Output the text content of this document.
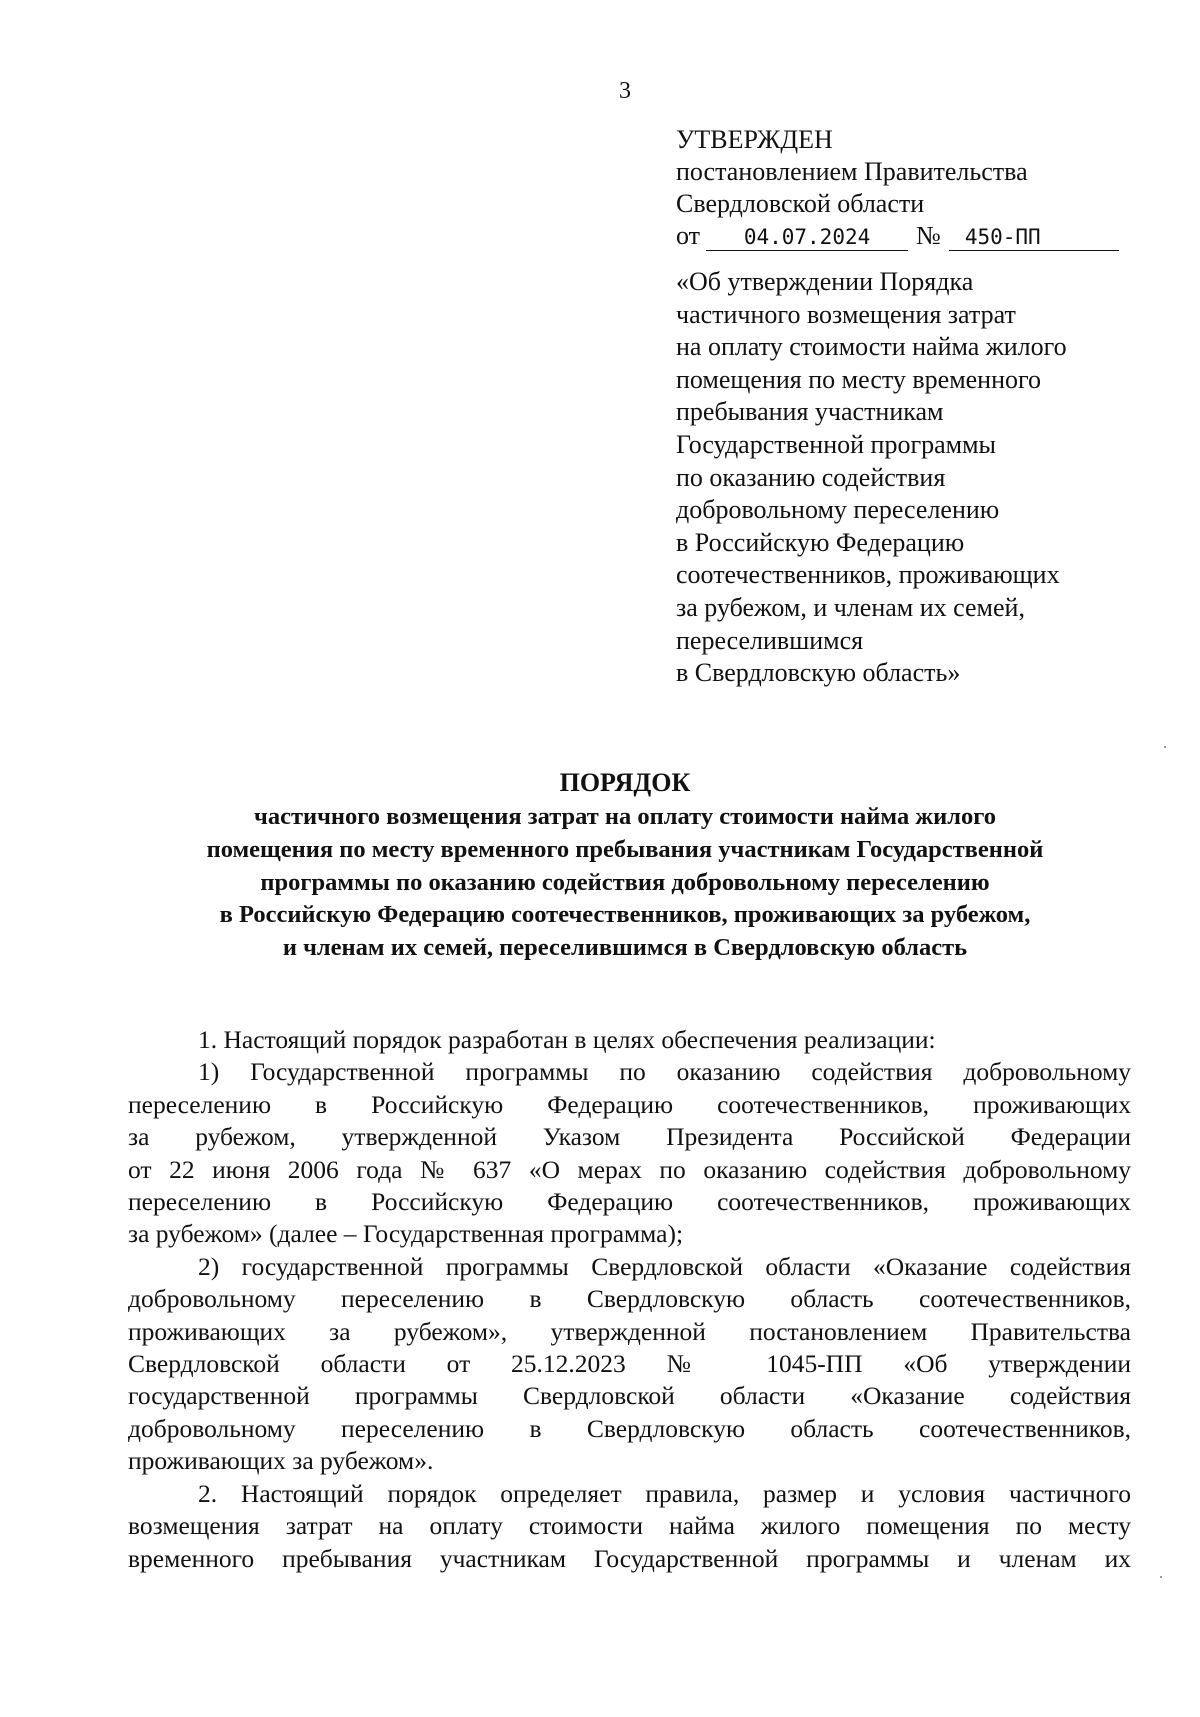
3
УТВЕРЖДЕН
постановлением Правительства
Свердловской области
от	04.07.2024	№	450-ПП
«Об утверждении Порядка
частичного возмещения затрат
на оплату стоимости найма жилого
помещения по месту временного
пребывания участникам
Государственной программы
по оказанию содействия
добровольному переселению
в Российскую Федерацию
соотечественников, проживающих
за рубежом, и членам их семей,
переселившимся
в Свердловскую область»
ПОРЯДОК
частичного возмещения затрат на оплату стоимости найма жилого
помещения по месту временного пребывания участникам Государственной
программы по оказанию содействия добровольному переселению
в Российскую Федерацию соотечественников, проживающих за рубежом,
и членам их семей, переселившимся в Свердловскую область
1. Настоящий порядок разработан в целях обеспечения реализации:
1) Государственной программы по оказанию содействия добровольному
переселению в Российскую Федерацию соотечественников, проживающих
за рубежом, утвержденной Указом Президента Российской Федерации
от 22 июня 2006 года № 637 «О мерах по оказанию содействия добровольному
переселению в Российскую Федерацию соотечественников, проживающих
за рубежом» (далее – Государственная программа);
2) государственной программы Свердловской области «Оказание содействия
добровольному переселению в Свердловскую область соотечественников,
проживающих за рубежом», утвержденной постановлением Правительства
Свердловской области от 25.12.2023 № 1045-ПП «Об утверждении
государственной программы Свердловской области «Оказание содействия
добровольному переселению в Свердловскую область соотечественников,
проживающих за рубежом».
2. Настоящий порядок определяет правила, размер и условия частичного
возмещения затрат на оплату стоимости найма жилого помещения по месту
временного пребывания участникам Государственной программы и членам их
